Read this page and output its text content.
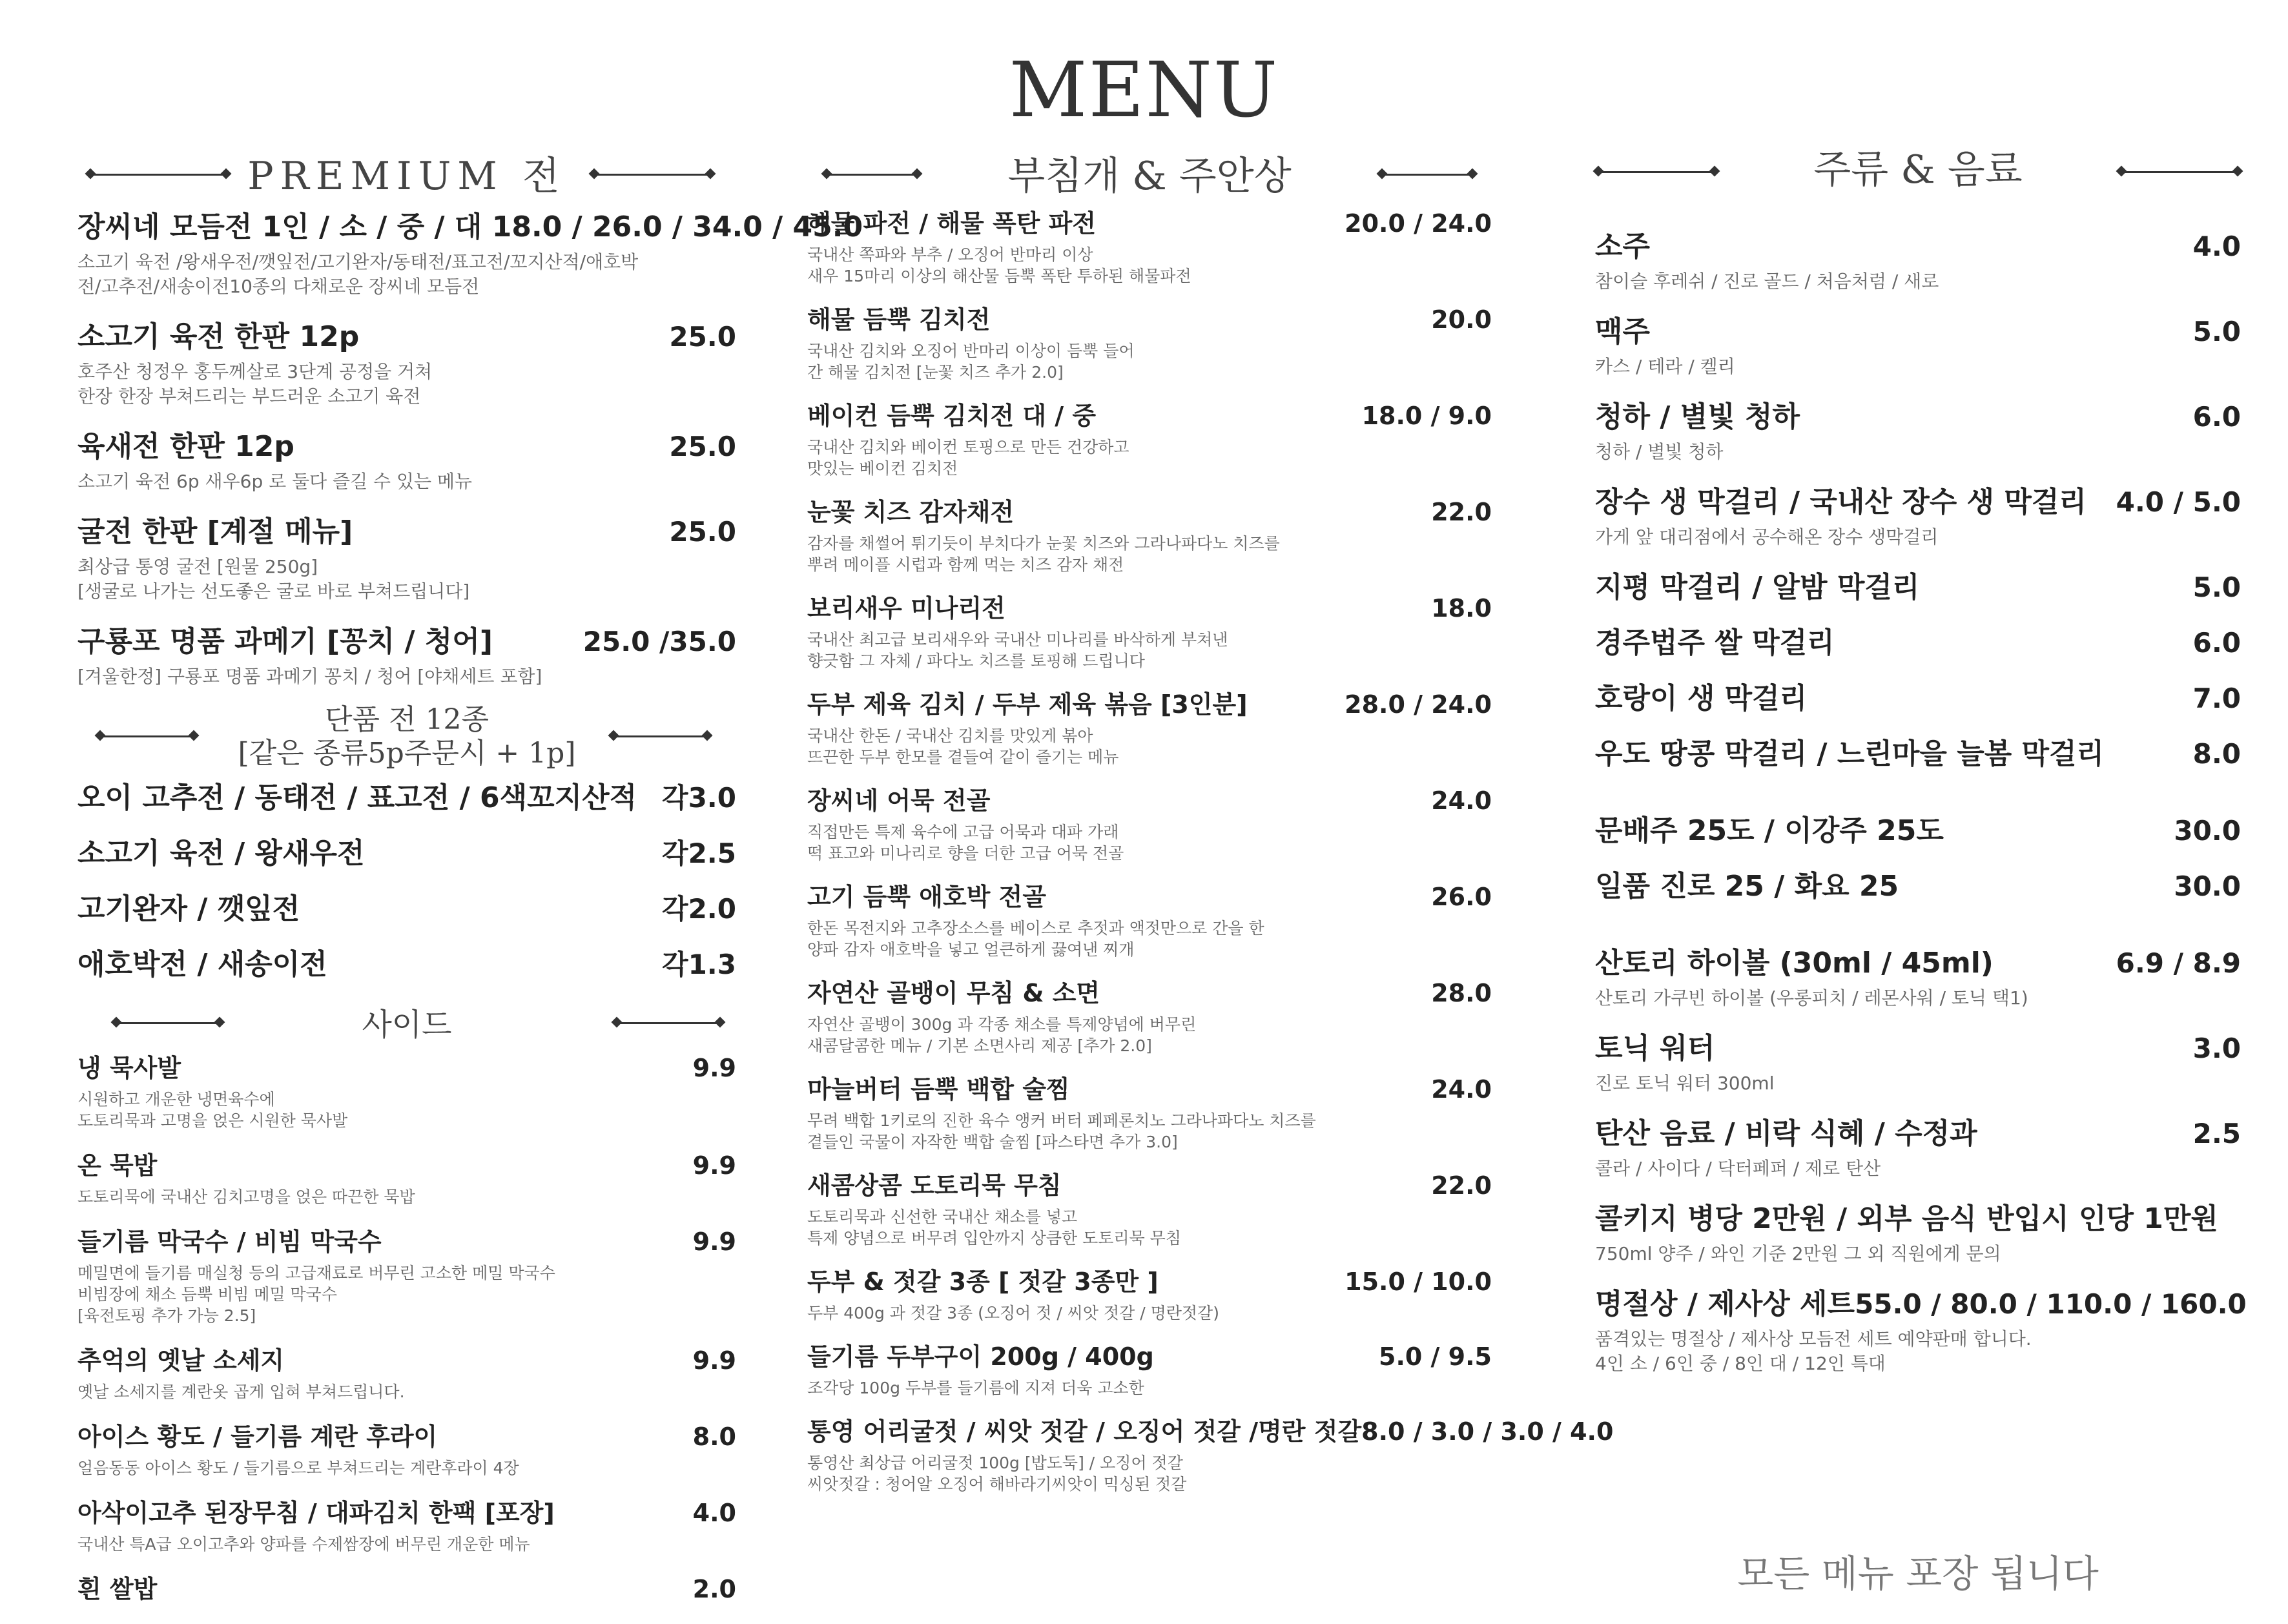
MENU
PREMIUM 전
장씨네 모듬전 1인 / 소 / 중 / 대 18.0 / 26.0 / 34.0 / 45.0
소고기 육전 /왕새우전/깻잎전/고기완자/동태전/표고전/꼬지산적/애호박
전/고추전/새송이전10종의 다채로운 장씨네 모듬전
소고기 육전 한판 12p	25.0
호주산 청정우 홍두께살로 3단계 공정을 거쳐
한장 한장 부쳐드리는 부드러운 소고기 육전
육새전 한판 12p	25.0
소고기 육전 6p 새우6p 로 둘다 즐길 수 있는 메뉴
굴전 한판 [계절 메뉴]	25.0
최상급 통영 굴전 [원물 250g]
[생굴로 나가는 선도좋은 굴로 바로 부쳐드립니다]
구룡포 명품 과메기 [꽁치 / 청어]	25.0 /35.0
[겨울한정] 구룡포 명품 과메기 꽁치 / 청어 [야채세트 포함]
단품 전 12종
[같은 종류5p주문시 + 1p]
오이 고추전 / 동태전 / 표고전 / 6색꼬지산적 각3.0
소고기 육전 / 왕새우전	각2.5
고기완자 / 깻잎전	각2.0
애호박전 / 새송이전	각1.3
사이드
냉 묵사발	9.9
시원하고 개운한 냉면육수에
도토리묵과 고명을 얹은 시원한 묵사발
온 묵밥	9.9
도토리묵에 국내산 김치고명을 얹은 따끈한 묵밥
들기름 막국수 / 비빔 막국수	9.9
메밀면에 들기름 매실청 등의 고급재료로 버무린 고소한 메밀 막국수
비빔장에 채소 듬뿍 비빔 메밀 막국수
[육전토핑 추가 가능 2.5]
추억의 옛날 소세지	9.9
옛날 소세지를 계란옷 곱게 입혀 부쳐드립니다.
아이스 황도 / 들기름 계란 후라이	8.0
얼음동동 아이스 황도 / 들기름으로 부쳐드리는 계란후라이 4장
아삭이고추 된장무침 / 대파김치 한팩 [포장]	4.0
국내산 특A급 오이고추와 양파를 수제쌈장에 버무린 개운한 메뉴
흰 쌀밥	2.0
부침개 & 주안상
해물 파전 / 해물 폭탄 파전	20.0 / 24.0
국내산 쪽파와 부추 / 오징어 반마리 이상
새우 15마리 이상의 해산물 듬뿍 폭탄 투하된 해물파전
해물 듬뿍 김치전	20.0
국내산 김치와 오징어 반마리 이상이 듬뿍 들어
간 해물 김치전 [눈꽃 치즈 추가 2.0]
베이컨 듬뿍 김치전 대 / 중	18.0 / 9.0
국내산 김치와 베이컨 토핑으로 만든 건강하고
맛있는 베이컨 김치전
눈꽃 치즈 감자채전	22.0
감자를 채썰어 튀기듯이 부치다가 눈꽃 치즈와 그라나파다노 치즈를
뿌려 메이플 시럽과 함께 먹는 치즈 감자 채전
보리새우 미나리전	18.0
국내산 최고급 보리새우와 국내산 미나리를 바삭하게 부쳐낸
향긋함 그 자체 / 파다노 치즈를 토핑해 드립니다
두부 제육 김치 / 두부 제육 볶음 [3인분]	28.0 / 24.0
국내산 한돈 / 국내산 김치를 맛있게 볶아
뜨끈한 두부 한모를 곁들여 같이 즐기는 메뉴
장씨네 어묵 전골	24.0
직접만든 특제 육수에 고급 어묵과 대파 가래
떡 표고와 미나리로 향을 더한 고급 어묵 전골
고기 듬뿍 애호박 전골	26.0
한돈 목전지와 고추장소스를 베이스로 추젓과 액젓만으로 간을 한
양파 감자 애호박을 넣고 얼큰하게 끓여낸 찌개
자연산 골뱅이 무침 & 소면	28.0
자연산 골뱅이 300g 과 각종 채소를 특제양념에 버무린
새콤달콤한 메뉴 / 기본 소면사리 제공 [추가 2.0]
마늘버터 듬뿍 백합 술찜	24.0
무려 백합 1키로의 진한 육수 앵커 버터 페페론치노 그라나파다노 치즈를
곁들인 국물이 자작한 백합 술찜 [파스타면 추가 3.0]
새콤상콤 도토리묵 무침	22.0
도토리묵과 신선한 국내산 채소를 넣고
특제 양념으로 버무려 입안까지 상큼한 도토리묵 무침
두부 & 젓갈 3종 [ 젓갈 3종만 ]	15.0 / 10.0
두부 400g 과 젓갈 3종 (오징어 젓 / 씨앗 젓갈 / 명란젓갈)
들기름 두부구이 200g / 400g	5.0 / 9.5
조각당 100g 두부를 들기름에 지져 더욱 고소한
통영 어리굴젓 / 씨앗 젓갈 / 오징어 젓갈 /명란 젓갈 8.0 / 3.0 / 3.0 / 4.0
통영산 최상급 어리굴젓 100g [밥도둑] / 오징어 젓갈
씨앗젓갈 : 청어알 오징어 해바라기씨앗이 믹싱된 젓갈
주류 & 음료
소주	4.0
참이슬 후레쉬 / 진로 골드 / 처음처럼 / 새로
맥주	5.0
카스 / 테라 / 켈리
청하 / 별빛 청하	6.0
청하 / 별빛 청하
장수 생 막걸리 / 국내산 장수 생 막걸리 4.0 / 5.0
가게 앞 대리점에서 공수해온 장수 생막걸리
지평 막걸리 / 알밤 막걸리	5.0
경주법주 쌀 막걸리	6.0
호랑이 생 막걸리	7.0
우도 땅콩 막걸리 / 느린마을 늘봄 막걸리	8.0
문배주 25도 / 이강주 25도	30.0
일품 진로 25 / 화요 25	30.0
산토리 하이볼 (30ml / 45ml)	6.9 / 8.9
산토리 가쿠빈 하이볼 (우롱피치 / 레몬사워 / 토닉 택1)
토닉 워터	3.0
진로 토닉 워터 300ml
탄산 음료 / 비락 식혜 / 수정과	2.5
콜라 / 사이다 / 닥터페퍼 / 제로 탄산
콜키지 병당 2만원 / 외부 음식 반입시 인당 1만원
750ml 양주 / 와인 기준 2만원 그 외 직원에게 문의
명절상 / 제사상 세트 55.0 / 80.0 / 110.0 / 160.0
품격있는 명절상 / 제사상 모듬전 세트 예약판매 합니다.
4인 소 / 6인 중 / 8인 대 / 12인 특대
모든 메뉴 포장 됩니다
